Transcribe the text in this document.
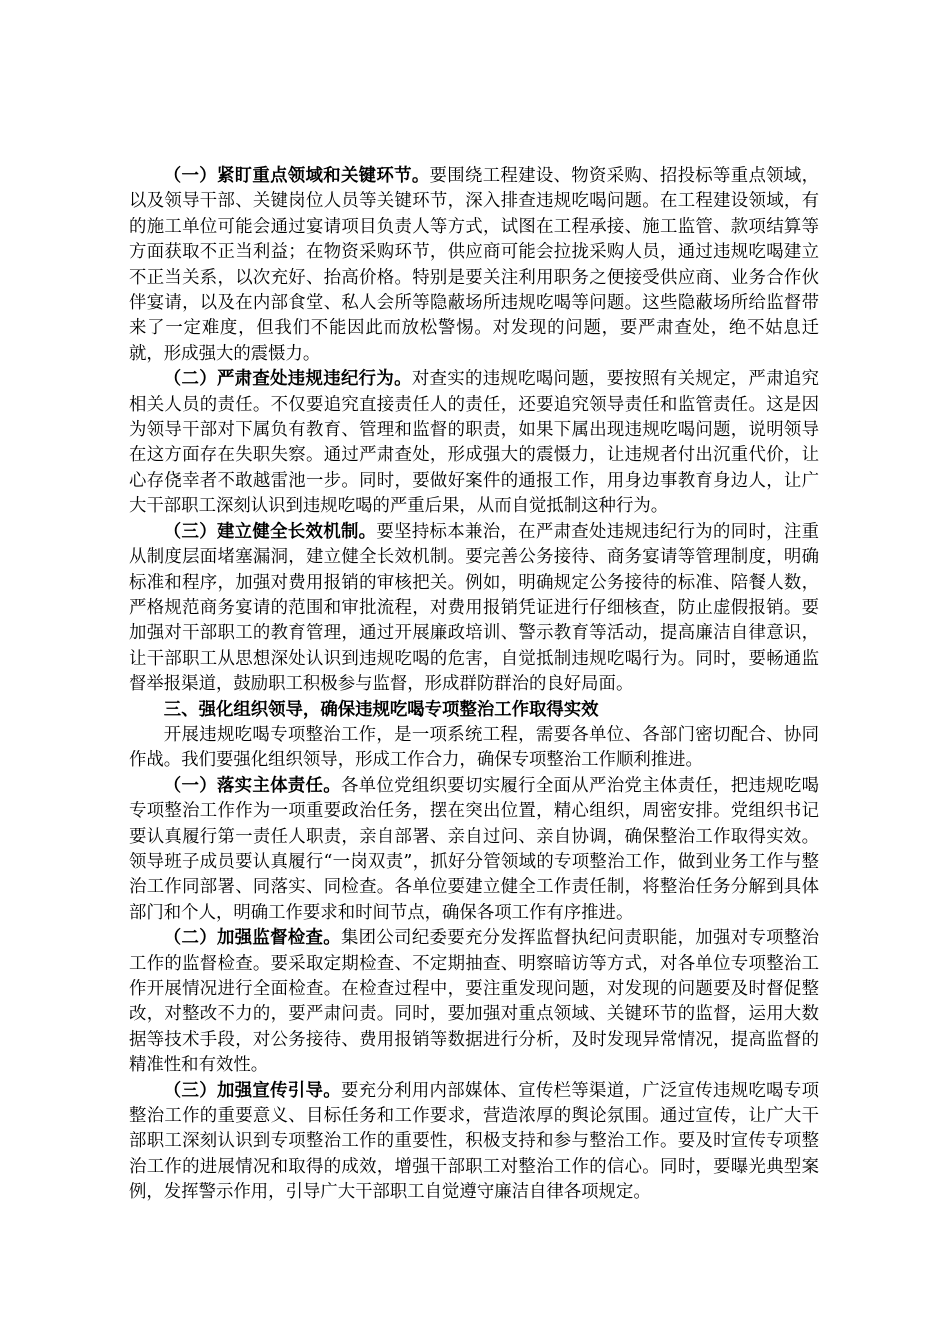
（一）紧盯重点领域和关键环节。要围绕工程建设、物资采购、招投标等重点领域，以及领导干部、关键岗位人员等关键环节，深入排查违规吃喝问题。在工程建设领域，有的施工单位可能会通过宴请项目负责人等方式，试图在工程承接、施工监管、款项结算等方面获取不正当利益；在物资采购环节，供应商可能会拉拢采购人员，通过违规吃喝建立不正当关系，以次充好、抬高价格。特别是要关注利用职务之便接受供应商、业务合作伙伴宴请，以及在内部食堂、私人会所等隐蔽场所违规吃喝等问题。这些隐蔽场所给监督带来了一定难度，但我们不能因此而放松警惕。对发现的问题，要严肃查处，绝不姑息迁就，形成强大的震慑力。

（二）严肃查处违规违纪行为。对查实的违规吃喝问题，要按照有关规定，严肃追究相关人员的责任。不仅要追究直接责任人的责任，还要追究领导责任和监管责任。这是因为领导干部对下属负有教育、管理和监督的职责，如果下属出现违规吃喝问题，说明领导在这方面存在失职失察。通过严肃查处，形成强大的震慑力，让违规者付出沉重代价，让心存侥幸者不敢越雷池一步。同时，要做好案件的通报工作，用身边事教育身边人，让广大干部职工深刻认识到违规吃喝的严重后果，从而自觉抵制这种行为。

（三）建立健全长效机制。要坚持标本兼治，在严肃查处违规违纪行为的同时，注重从制度层面堵塞漏洞，建立健全长效机制。要完善公务接待、商务宴请等管理制度，明确标准和程序，加强对费用报销的审核把关。例如，明确规定公务接待的标准、陪餐人数，严格规范商务宴请的范围和审批流程，对费用报销凭证进行仔细核查，防止虚假报销。要加强对干部职工的教育管理，通过开展廉政培训、警示教育等活动，提高廉洁自律意识，让干部职工从思想深处认识到违规吃喝的危害，自觉抵制违规吃喝行为。同时，要畅通监督举报渠道，鼓励职工积极参与监督，形成群防群治的良好局面。

三、强化组织领导，确保违规吃喝专项整治工作取得实效

开展违规吃喝专项整治工作，是一项系统工程，需要各单位、各部门密切配合、协同作战。我们要强化组织领导，形成工作合力，确保专项整治工作顺利推进。

（一）落实主体责任。各单位党组织要切实履行全面从严治党主体责任，把违规吃喝专项整治工作作为一项重要政治任务，摆在突出位置，精心组织，周密安排。党组织书记要认真履行第一责任人职责，亲自部署、亲自过问、亲自协调，确保整治工作取得实效。领导班子成员要认真履行“一岗双责”，抓好分管领域的专项整治工作，做到业务工作与整治工作同部署、同落实、同检查。各单位要建立健全工作责任制，将整治任务分解到具体部门和个人，明确工作要求和时间节点，确保各项工作有序推进。

（二）加强监督检查。集团公司纪委要充分发挥监督执纪问责职能，加强对专项整治工作的监督检查。要采取定期检查、不定期抽查、明察暗访等方式，对各单位专项整治工作开展情况进行全面检查。在检查过程中，要注重发现问题，对发现的问题要及时督促整改，对整改不力的，要严肃问责。同时，要加强对重点领域、关键环节的监督，运用大数据等技术手段，对公务接待、费用报销等数据进行分析，及时发现异常情况，提高监督的精准性和有效性。

（三）加强宣传引导。要充分利用内部媒体、宣传栏等渠道，广泛宣传违规吃喝专项整治工作的重要意义、目标任务和工作要求，营造浓厚的舆论氛围。通过宣传，让广大干部职工深刻认识到专项整治工作的重要性，积极支持和参与整治工作。要及时宣传专项整治工作的进展情况和取得的成效，增强干部职工对整治工作的信心。同时，要曝光典型案例，发挥警示作用，引导广大干部职工自觉遵守廉洁自律各项规定。
